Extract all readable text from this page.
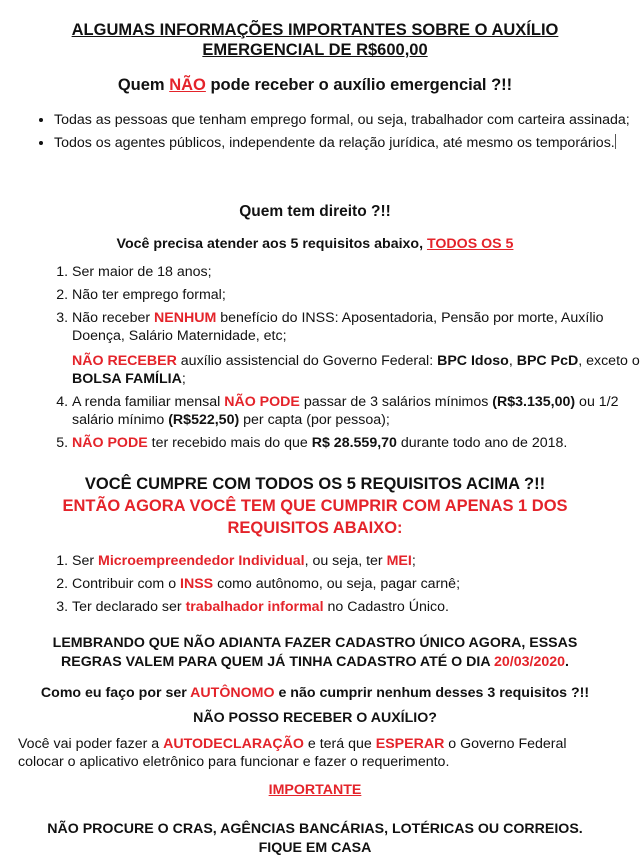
ALGUMAS INFORMAÇÕES IMPORTANTES SOBRE O AUXÍLIO
EMERGENCIAL DE R$600,00
Quem NÃO pode receber o auxílio emergencial ?!!
• Todas as pessoas que tenham emprego formal, ou seja, trabalhador com carteira assinada;
• Todos os agentes públicos, independente da relação jurídica, até mesmo os temporários.
Quem tem direito ?!!
Você precisa atender aos 5 requisitos abaixo, TODOS OS 5
1. Ser maior de 18 anos;
2. Não ter emprego formal;
3. Não receber NENHUM benefício do INSS: Aposentadoria, Pensão por morte, Auxílio Doença, Salário Maternidade, etc;
NÃO RECEBER auxílio assistencial do Governo Federal: BPC Idoso, BPC PcD, exceto o BOLSA FAMÍLIA;
4. A renda familiar mensal NÃO PODE passar de 3 salários mínimos (R$3.135,00) ou 1/2 salário mínimo (R$522,50) per capta (por pessoa);
5. NÃO PODE ter recebido mais do que R$ 28.559,70 durante todo ano de 2018.
VOCÊ CUMPRE COM TODOS OS 5 REQUISITOS ACIMA ?!!
ENTÃO AGORA VOCÊ TEM QUE CUMPRIR COM APENAS 1 DOS
REQUISITOS ABAIXO:
1. Ser Microempreendedor Individual, ou seja, ter MEI;
2. Contribuir com o INSS como autônomo, ou seja, pagar carnê;
3. Ter declarado ser trabalhador informal no Cadastro Único.
LEMBRANDO QUE NÃO ADIANTA FAZER CADASTRO ÚNICO AGORA, ESSAS
REGRAS VALEM PARA QUEM JÁ TINHA CADASTRO ATÉ O DIA 20/03/2020.
Como eu faço por ser AUTÔNOMO e não cumprir nenhum desses 3 requisitos ?!!
NÃO POSSO RECEBER O AUXÍLIO?
Você vai poder fazer a AUTODECLARAÇÃO e terá que ESPERAR o Governo Federal colocar o aplicativo eletrônico para funcionar e fazer o requerimento.
IMPORTANTE
NÃO PROCURE O CRAS, AGÊNCIAS BANCÁRIAS, LOTÉRICAS OU CORREIOS.
FIQUE EM CASA
